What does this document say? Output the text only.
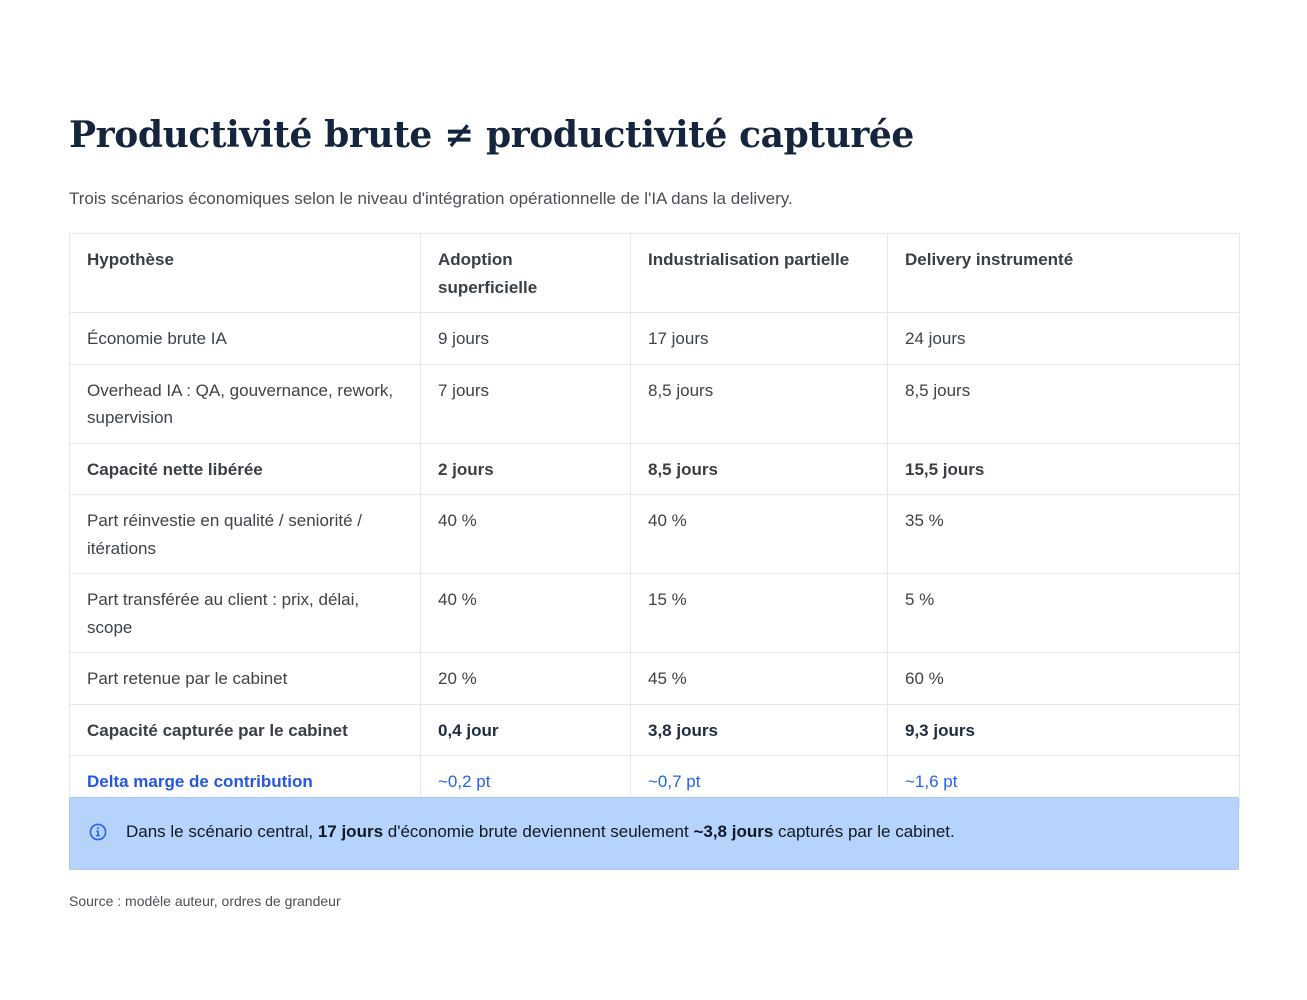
Productivité brute ≠ productivité capturée

Trois scénarios économiques selon le niveau d'intégration opérationnelle de l'IA dans la delivery.

Hypothèse	Adoption superficielle	Industrialisation partielle	Delivery instrumenté
Économie brute IA	9 jours	17 jours	24 jours
Overhead IA : QA, gouvernance, rework, supervision	7 jours	8,5 jours	8,5 jours
Capacité nette libérée	2 jours	8,5 jours	15,5 jours
Part réinvestie en qualité / seniorité / itérations	40 %	40 %	35 %
Part transférée au client : prix, délai, scope	40 %	15 %	5 %
Part retenue par le cabinet	20 %	45 %	60 %
Capacité capturée par le cabinet	0,4 jour	3,8 jours	9,3 jours
Delta marge de contribution	~0,2 pt	~0,7 pt	~1,6 pt
Dans le scénario central, 17 jours d'économie brute deviennent seulement ~3,8 jours capturés par le cabinet.
Source : modèle auteur, ordres de grandeur
